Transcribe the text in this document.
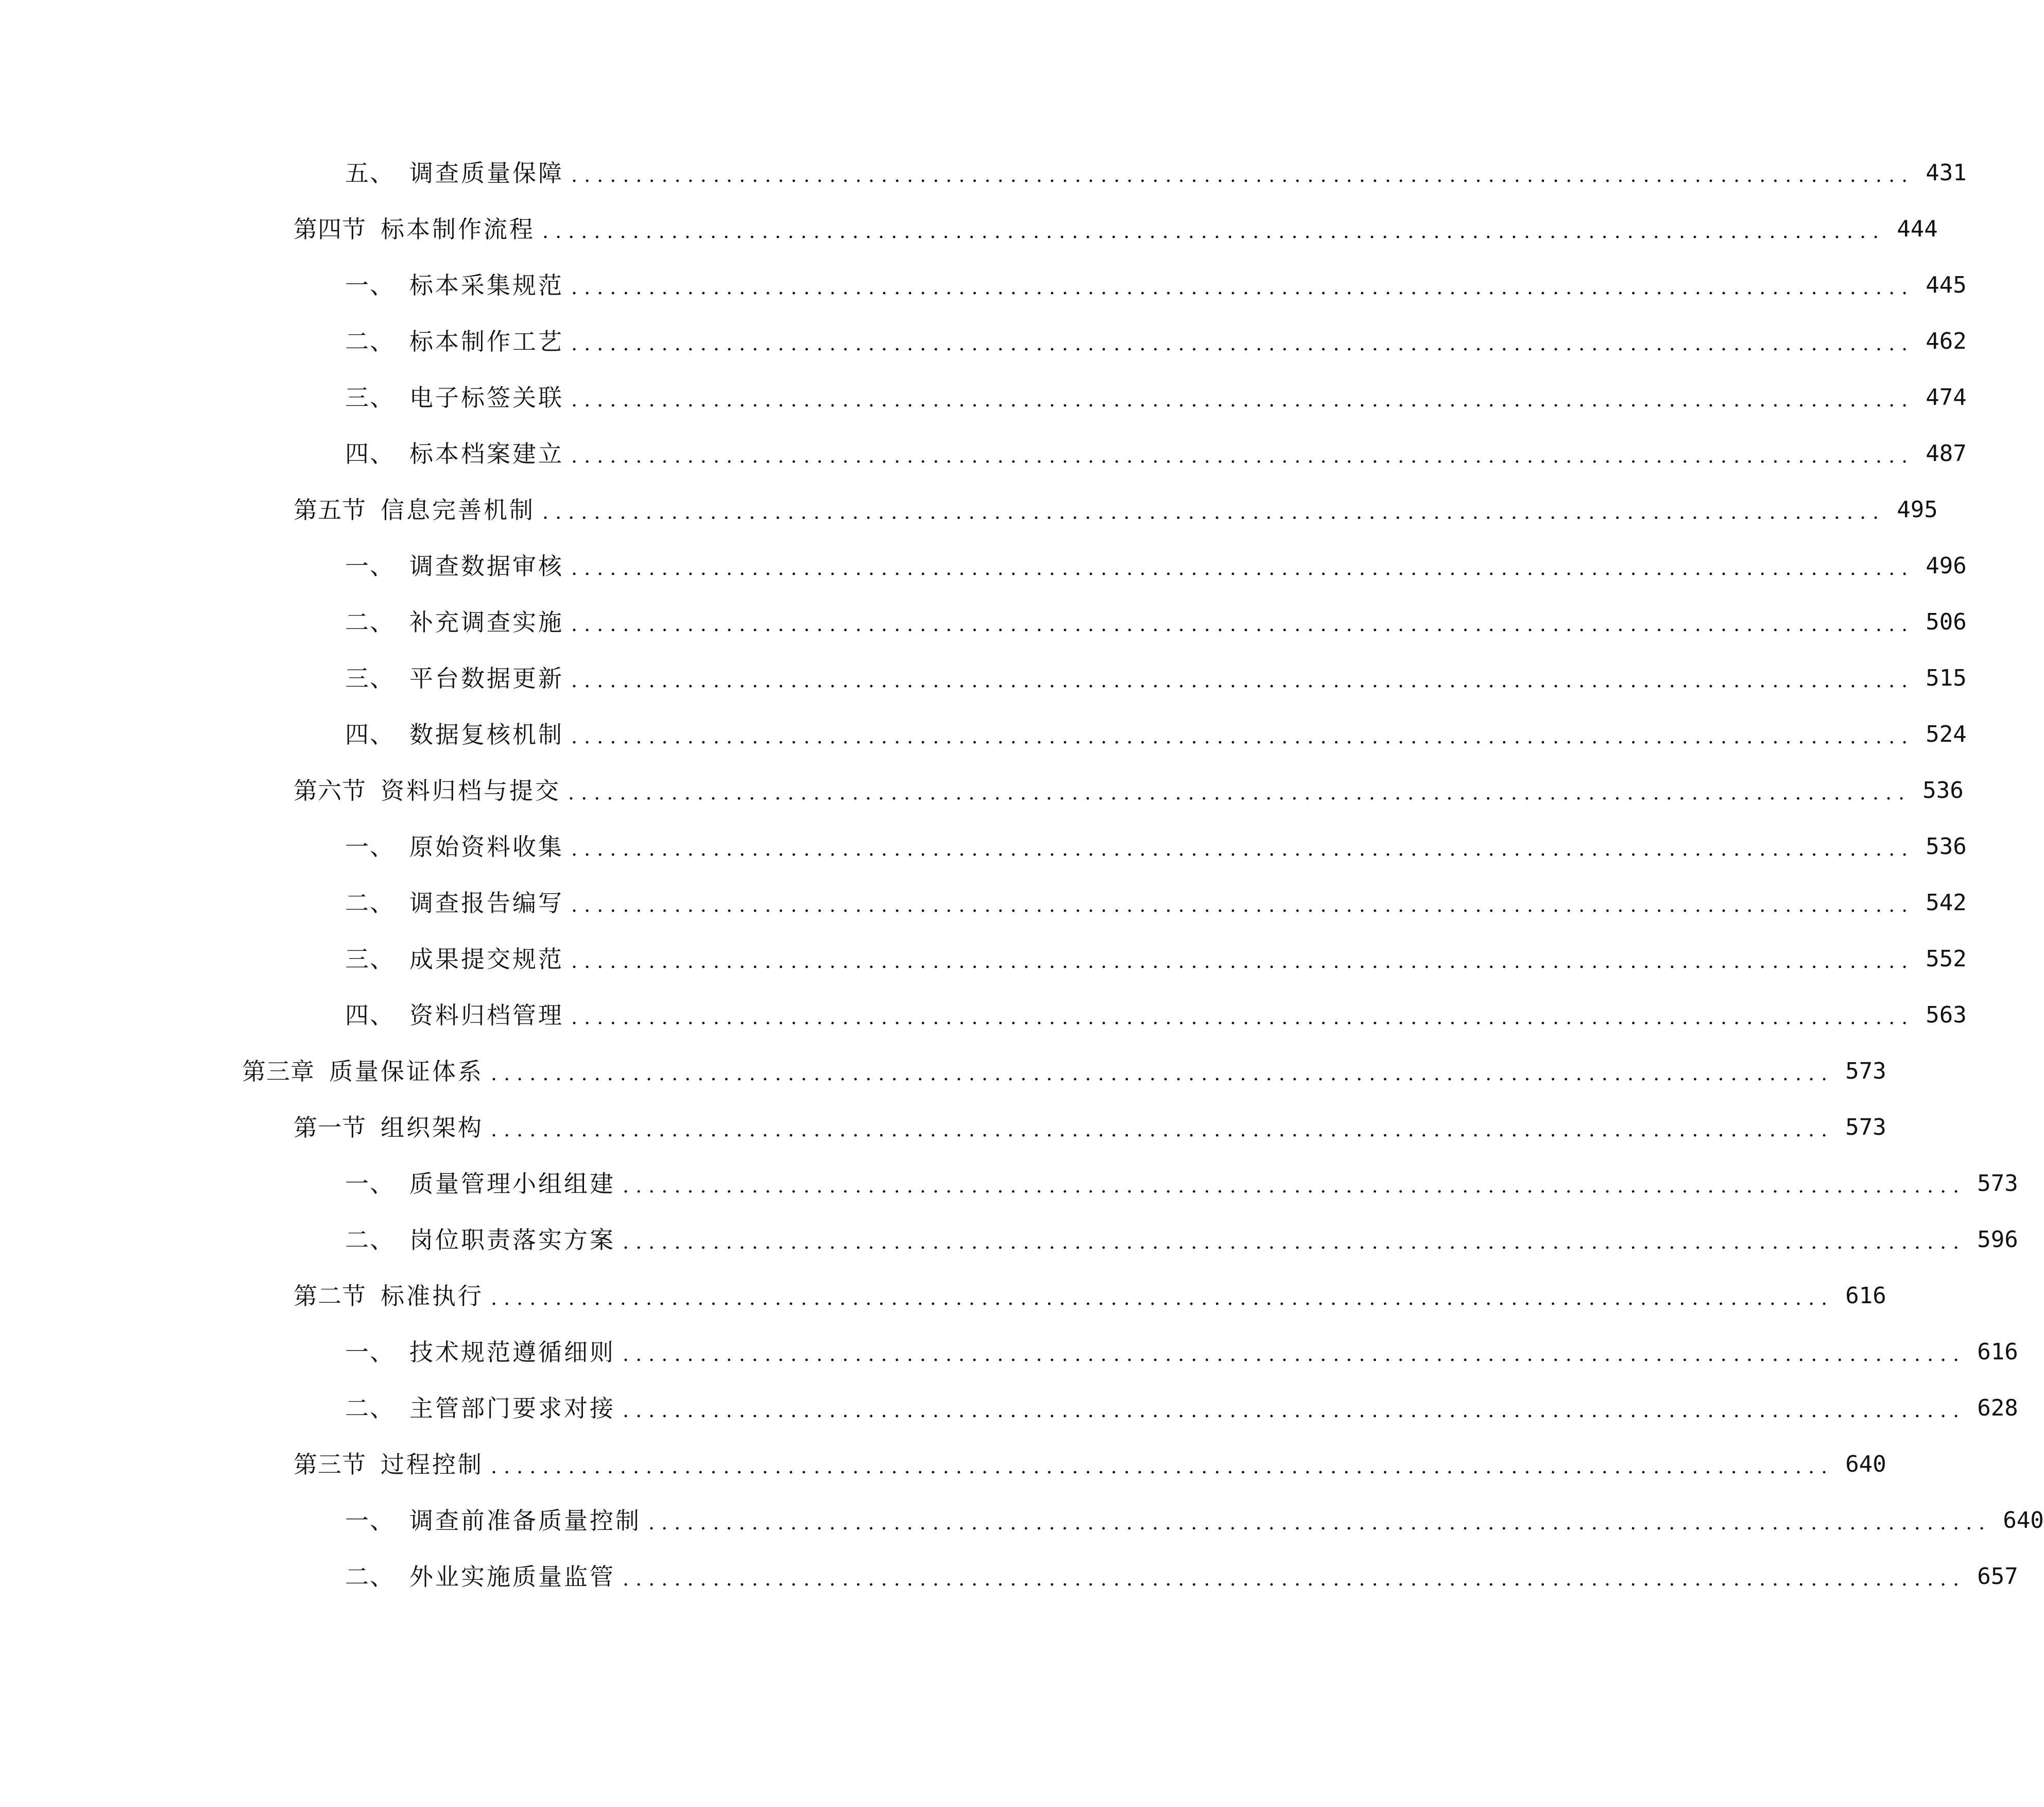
五、 调查质量保障 ........................................................................................................ 431
第四节 标本制作流程 ........................................................................................................ 444
一、 标本采集规范 ........................................................................................................ 445
二、 标本制作工艺 ........................................................................................................ 462
三、 电子标签关联 ........................................................................................................ 474
四、 标本档案建立 ........................................................................................................ 487
第五节 信息完善机制 ........................................................................................................ 495
一、 调查数据审核 ........................................................................................................ 496
二、 补充调查实施 ........................................................................................................ 506
三、 平台数据更新 ........................................................................................................ 515
四、 数据复核机制 ........................................................................................................ 524
第六节 资料归档与提交 ........................................................................................................ 536
一、 原始资料收集 ........................................................................................................ 536
二、 调查报告编写 ........................................................................................................ 542
三、 成果提交规范 ........................................................................................................ 552
四、 资料归档管理 ........................................................................................................ 563
第三章 质量保证体系 ........................................................................................................ 573
第一节 组织架构 ........................................................................................................ 573
一、 质量管理小组组建 ........................................................................................................ 573
二、 岗位职责落实方案 ........................................................................................................ 596
第二节 标准执行 ........................................................................................................ 616
一、 技术规范遵循细则 ........................................................................................................ 616
二、 主管部门要求对接 ........................................................................................................ 628
第三节 过程控制 ........................................................................................................ 640
一、 调查前准备质量控制 ........................................................................................................ 640
二、 外业实施质量监管 ........................................................................................................ 657
